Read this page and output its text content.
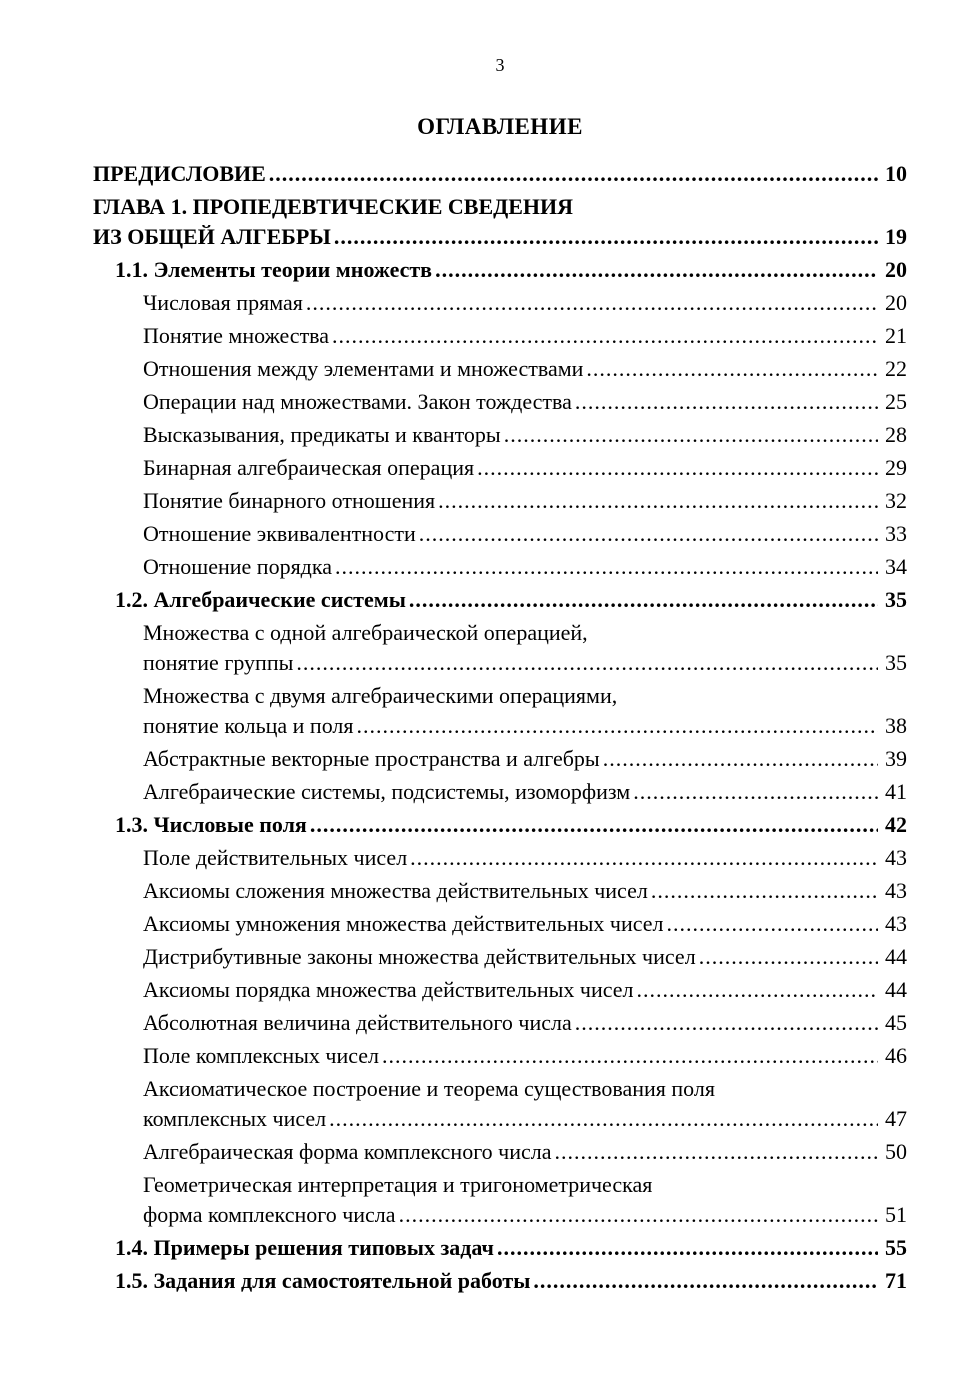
3
ОГЛАВЛЕНИЕ
ПРЕДИСЛОВИЕ .....	10
ГЛАВА 1. ПРОПЕДЕВТИЧЕСКИЕ СВЕДЕНИЯ
ИЗ ОБЩЕЙ АЛГЕБРЫ .....	19
1.1. Элементы теории множеств .....	20
Числовая прямая .....	20
Понятие множества .....	21
Отношения между элементами и множествами .....	22
Операции над множествами. Закон тождества .....	25
Высказывания, предикаты и кванторы .....	28
Бинарная алгебраическая операция .....	29
Понятие бинарного отношения .....	32
Отношение эквивалентности .....	33
Отношение порядка .....	34
1.2. Алгебраические системы .....	35
Множества с одной алгебраической операцией,
понятие группы .....	35
Множества с двумя алгебраическими операциями,
понятие кольца и поля .....	38
Абстрактные векторные пространства и алгебры .....	39
Алгебраические системы, подсистемы, изоморфизм .....	41
1.3. Числовые поля .....	42
Поле действительных чисел .....	43
Аксиомы сложения множества действительных чисел .....	43
Аксиомы умножения множества действительных чисел .....	43
Дистрибутивные законы множества действительных чисел .....	44
Аксиомы порядка множества действительных чисел .....	44
Абсолютная величина действительного числа .....	45
Поле комплексных чисел .....	46
Аксиоматическое построение и теорема существования поля
комплексных чисел .....	47
Алгебраическая форма комплексного числа .....	50
Геометрическая интерпретация и тригонометрическая
форма комплексного числа .....	51
1.4. Примеры решения типовых задач .....	55
1.5. Задания для самостоятельной работы .....	71
